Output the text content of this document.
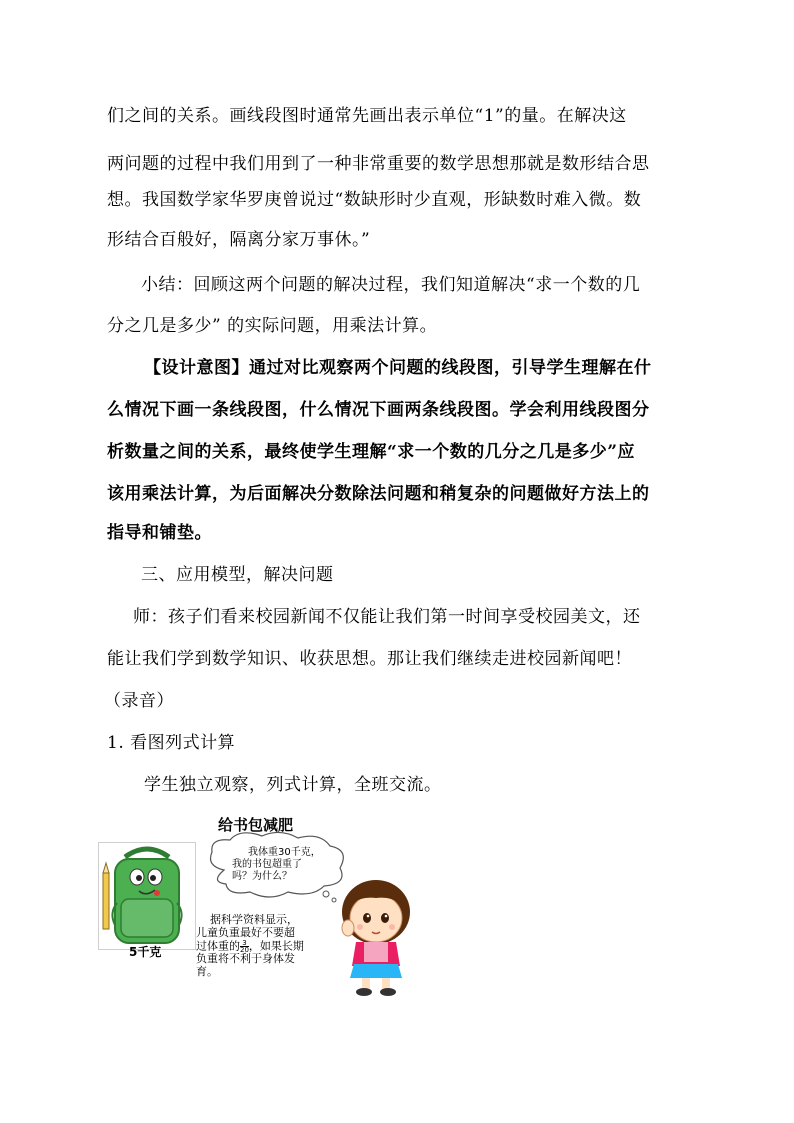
们之间的关系。画线段图时通常先画出表示单位“1”的量。在解决这
两问题的过程中我们用到了一种非常重要的数学思想那就是数形结合思
想。我国数学家华罗庚曾说过“数缺形时少直观，形缺数时难入微。数
形结合百般好，隔离分家万事休。”
小结：回顾这两个问题的解决过程，我们知道解决“求一个数的几
分之几是多少” 的实际问题，用乘法计算。
【设计意图】通过对比观察两个问题的线段图，引导学生理解在什
么情况下画一条线段图，什么情况下画两条线段图。学会利用线段图分
析数量之间的关系，最终使学生理解“求一个数的几分之几是多少”应
该用乘法计算，为后面解决分数除法问题和稍复杂的问题做好方法上的
指导和铺垫。
三、应用模型，解决问题
师：孩子们看来校园新闻不仅能让我们第一时间享受校园美文，还
能让我们学到数学知识、收获思想。那让我们继续走进校园新闻吧！
（录音）
1. 看图列式计算
学生独立观察，列式计算，全班交流。
给书包减肥
5千克
我体重30千克，
我的书包超重了
吗？为什么？
据科学资料显示，
儿童负重最好不要超
过体重的 $\frac{3}{20}$ ，如果长期
负重将不利于身体发
育。
